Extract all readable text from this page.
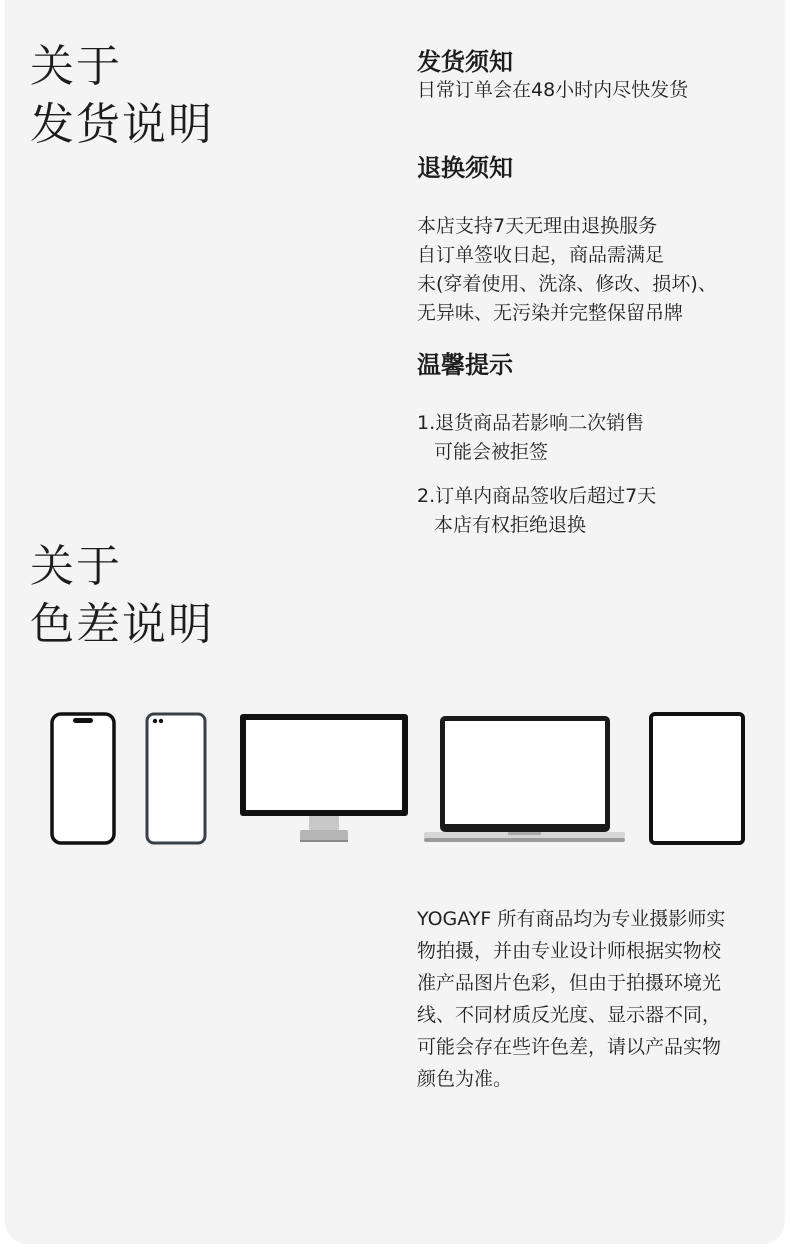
关于
发货说明
发货须知
日常订单会在48小时内尽快发货
退换须知

本店支持7天无理由退换服务
自订单签收日起，商品需满足
未(穿着使用、洗涤、修改、损坏)、
无异味、无污染并完整保留吊牌

温馨提示

1.退货商品若影响二次销售
可能会被拒签

2.订单内商品签收后超过7天
本店有权拒绝退换

关于
色差说明
YOGAYF 所有商品均为专业摄影师实
物拍摄，并由专业设计师根据实物校
准产品图片色彩，但由于拍摄环境光
线、不同材质反光度、显示器不同，
可能会存在些许色差，请以产品实物
颜色为准。
